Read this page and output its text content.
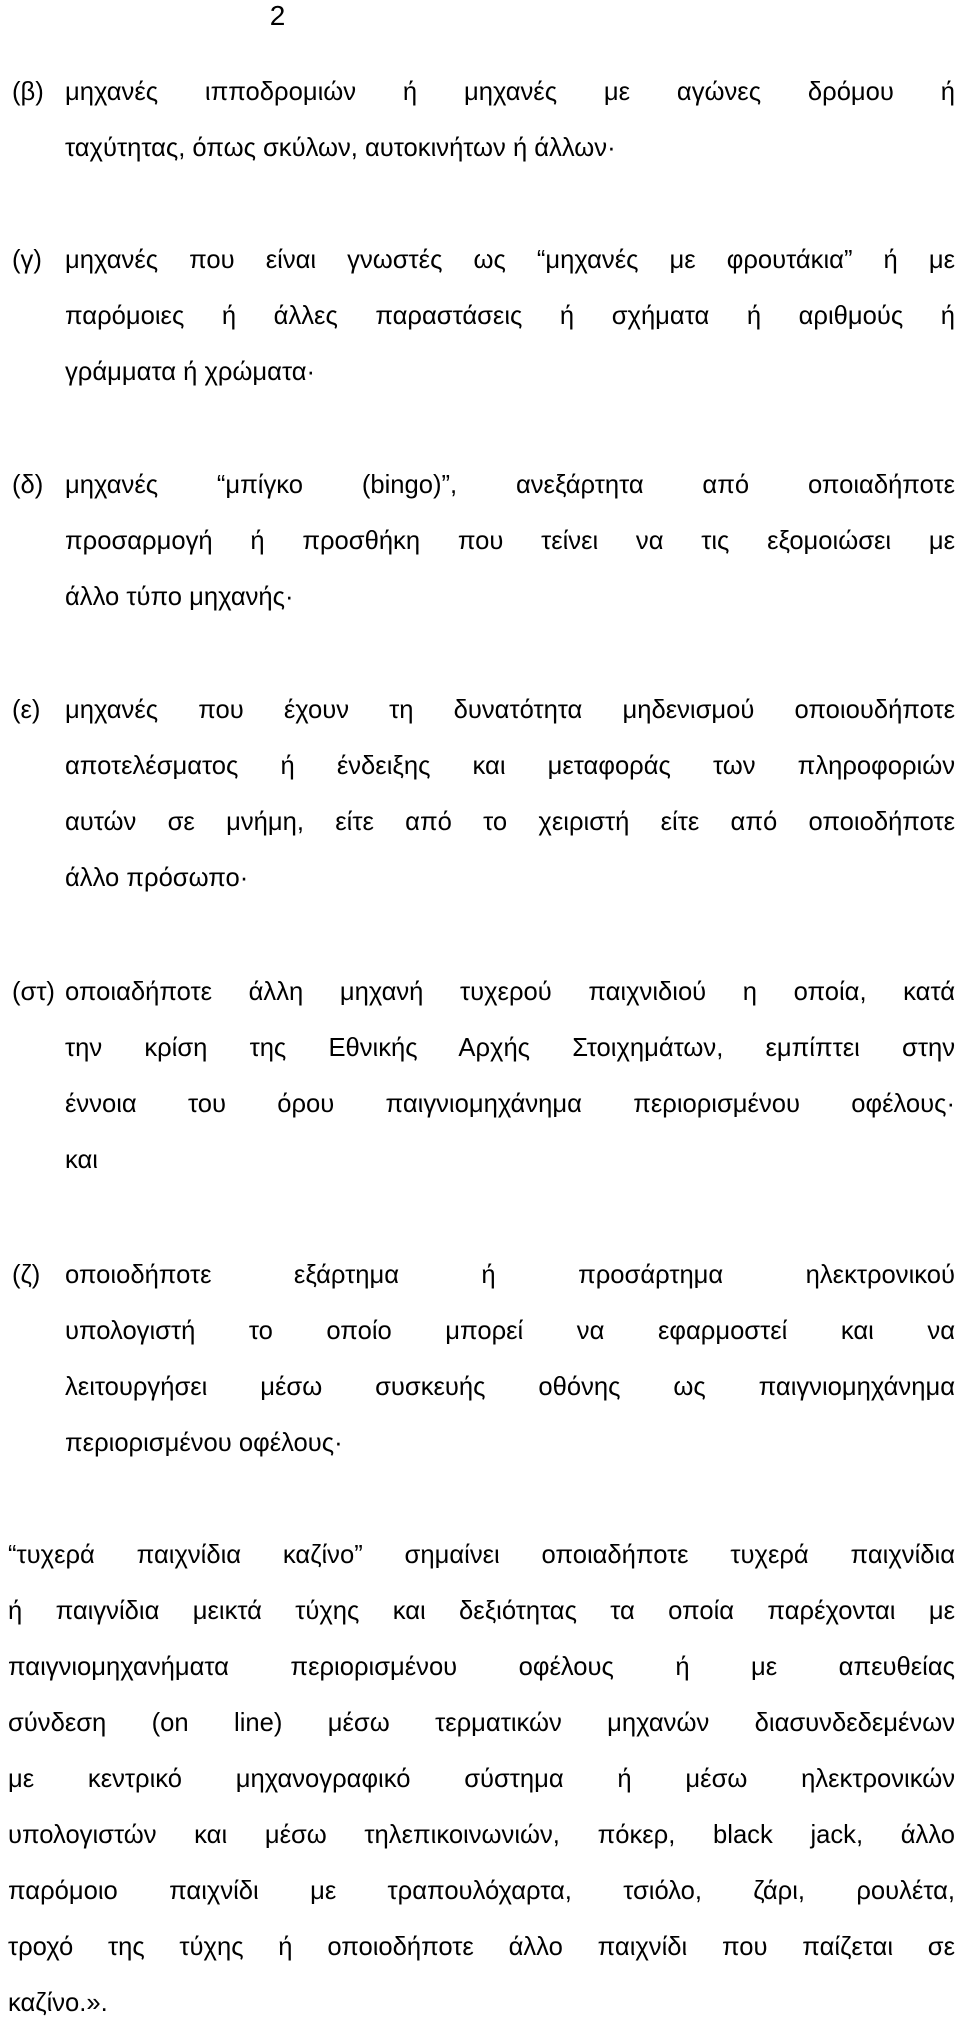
2
(β) μηχανές ιπποδρομιών ή μηχανές με αγώνες δρόμου ή
ταχύτητας, όπως σκύλων, αυτοκινήτων ή άλλων·
(γ) μηχανές που είναι γνωστές ως “μηχανές με φρουτάκια” ή με
παρόμοιες ή άλλες παραστάσεις ή σχήματα ή αριθμούς ή
γράμματα ή χρώματα·
(δ) μηχανές “μπίγκο (bingo)”, ανεξάρτητα από οποιαδήποτε
προσαρμογή ή προσθήκη που τείνει να τις εξομοιώσει με
άλλο τύπο μηχανής·
(ε) μηχανές που έχουν τη δυνατότητα μηδενισμού οποιουδήποτε
αποτελέσματος ή ένδειξης και μεταφοράς των πληροφοριών
αυτών σε μνήμη, είτε από το χειριστή είτε από οποιοδήποτε
άλλο πρόσωπο·
(στ) οποιαδήποτε άλλη μηχανή τυχερού παιχνιδιού η οποία, κατά
την κρίση της Εθνικής Αρχής Στοιχημάτων, εμπίπτει στην
έννοια του όρου παιγνιομηχάνημα περιορισμένου οφέλους·
και
(ζ) οποιοδήποτε εξάρτημα ή προσάρτημα ηλεκτρονικού
υπολογιστή το οποίο μπορεί να εφαρμοστεί και να
λειτουργήσει μέσω συσκευής οθόνης ως παιγνιομηχάνημα
περιορισμένου οφέλους·
“τυχερά παιχνίδια καζίνο” σημαίνει οποιαδήποτε τυχερά παιχνίδια
ή παιγνίδια μεικτά τύχης και δεξιότητας τα οποία παρέχονται με
παιγνιομηχανήματα περιορισμένου οφέλους ή με απευθείας
σύνδεση (on line) μέσω τερματικών μηχανών διασυνδεδεμένων
με κεντρικό μηχανογραφικό σύστημα ή μέσω ηλεκτρονικών
υπολογιστών και μέσω τηλεπικοινωνιών, πόκερ, black jack, άλλο
παρόμοιο παιχνίδι με τραπουλόχαρτα, τσιόλο, ζάρι, ρουλέτα,
τροχό της τύχης ή οποιοδήποτε άλλο παιχνίδι που παίζεται σε
καζίνο.».
